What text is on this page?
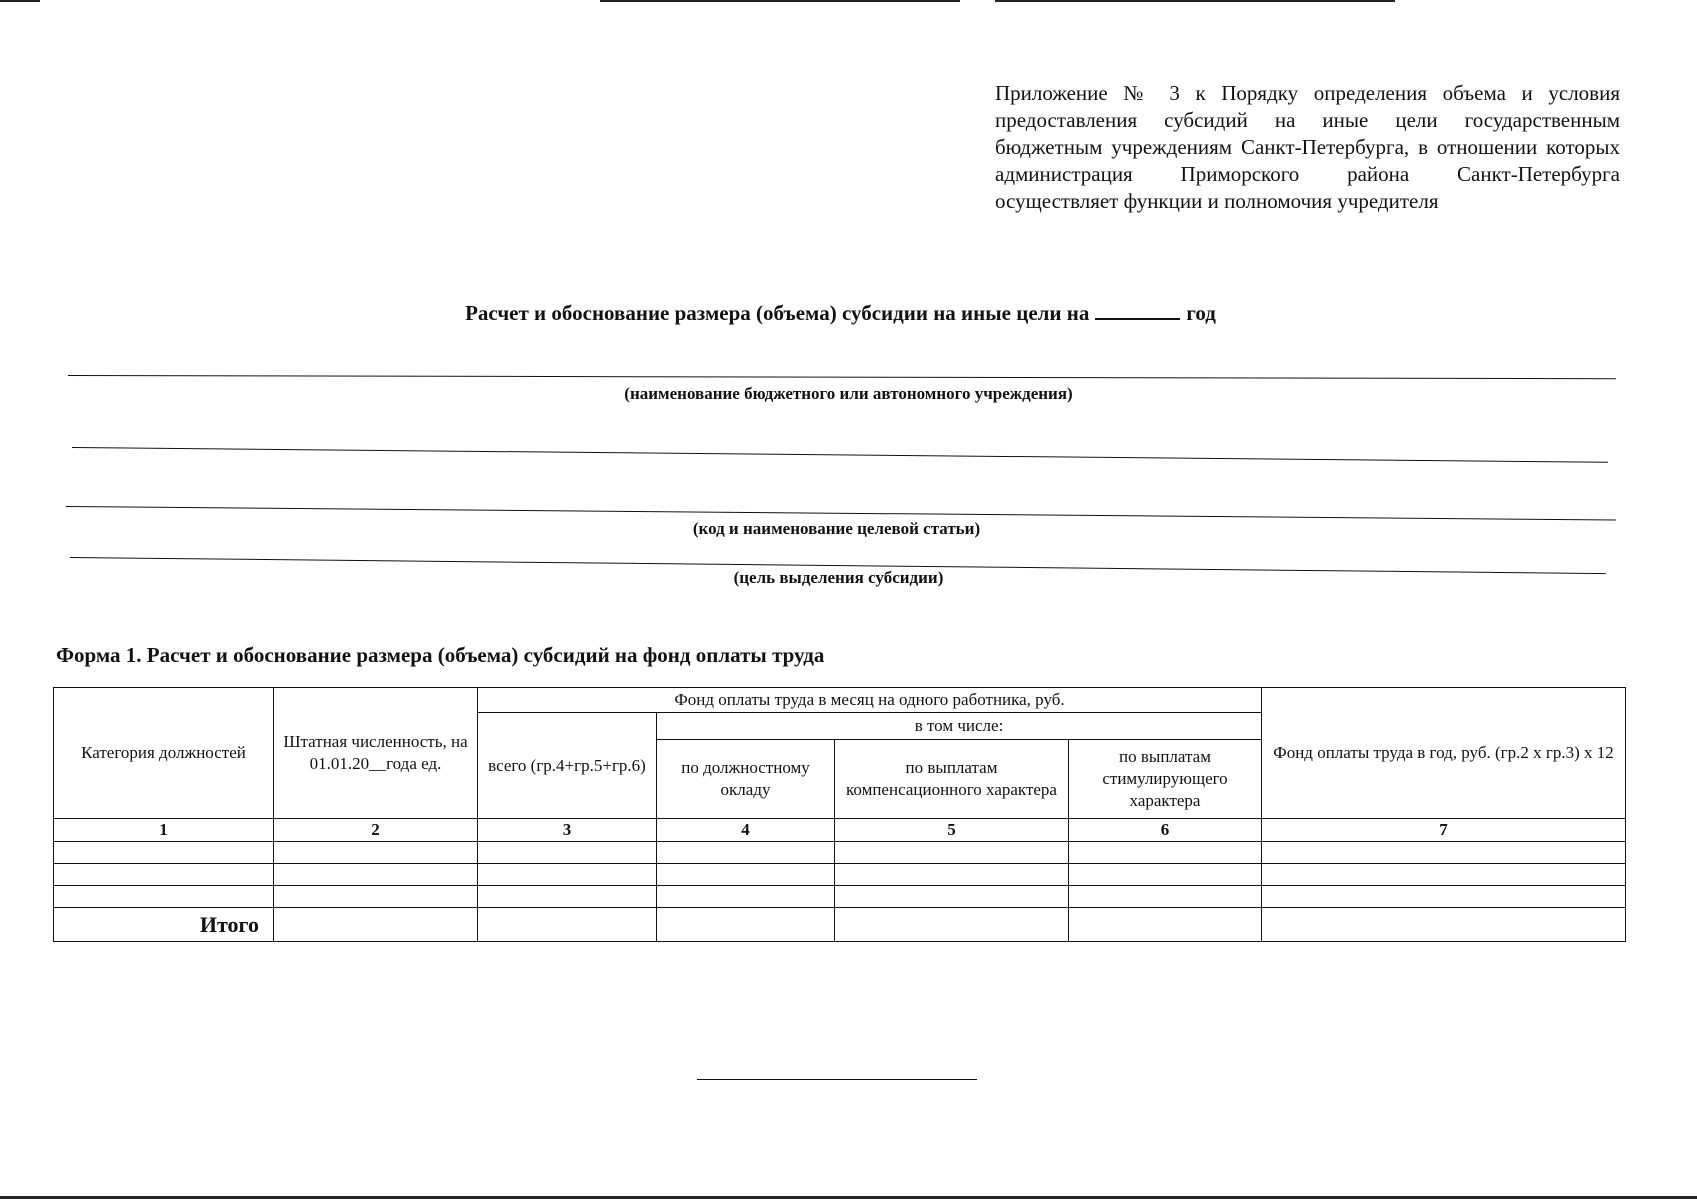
Приложение № 3 к Порядку определения объема и условия предоставления субсидий на иные цели государственным бюджетным учреждениям Санкт-Петербурга, в отношении которых администрация Приморского района Санкт-Петербурга осуществляет функции и полномочия учредителя
Расчет и обоснование размера (объема) субсидии на иные цели на	год
(наименование бюджетного или автономного учреждения)
(код и наименование целевой статьи)
(цель выделения субсидии)
Форма 1. Расчет и обоснование размера (объема) субсидий на фонд оплаты труда
Категория должностей	Штатная численность, на 01.01.20__года ед.	Фонд оплаты труда в месяц на одного работника, руб.				Фонд оплаты труда в год, руб. (гр.2 х гр.3) х 12
		всего (гр.4+гр.5+гр.6)	в том числе:			
			по должностному окладу	по выплатам компенсационного характера	по выплатам стимулирующего характера	
1	2	3	4	5	6	7

Итого						
